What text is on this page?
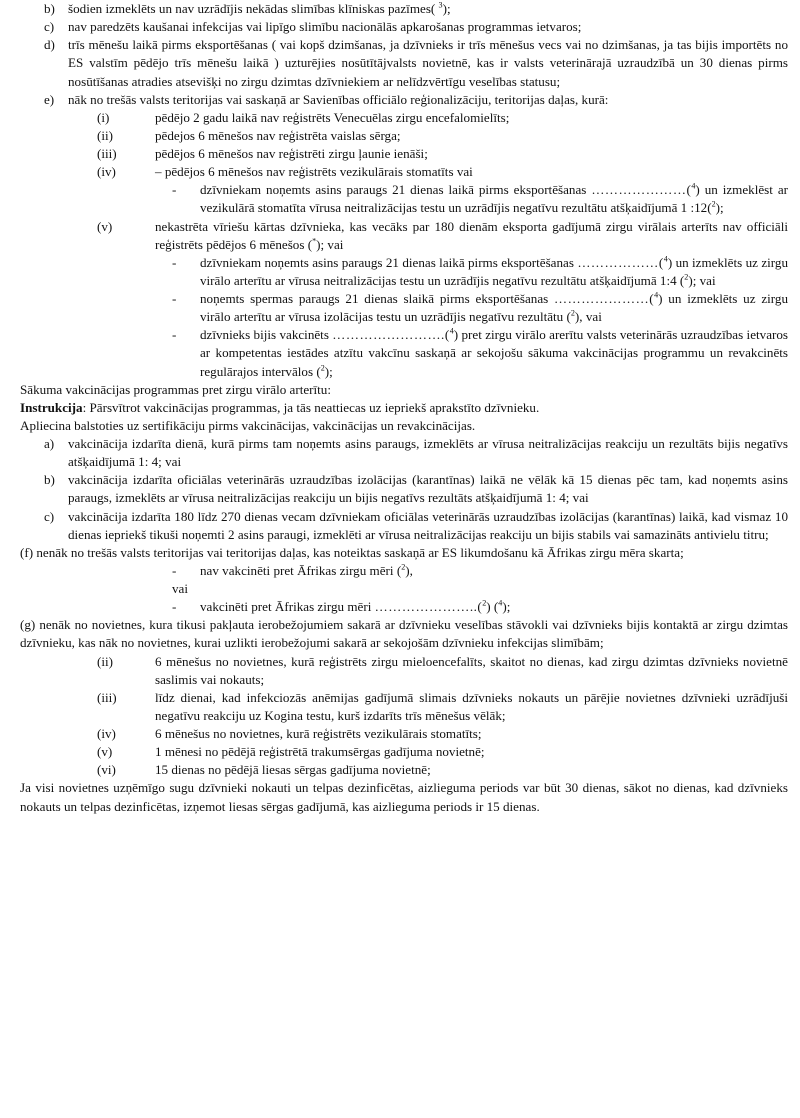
b) šodien izmeklēts un nav uzrādījis nekādas slimības klīniskas pazīmes( $^3$);
c)	nav paredzēts kaušanai infekcijas vai lipīgo slimību nacionālās apkarošanas programmas ietvaros;
d) trīs mēnešu laikā pirms eksportēšanas ( vai kopš dzimšanas, ja dzīvnieks ir trīs mēnešus vecs vai no dzimšanas, ja tas bijis importēts no ES valstīm pēdējo trīs mēnešu laikā ) uzturējies nosūtītājvalsts novietnē, kas ir valsts veterinārajā uzraudzībā un 30 dienas pirms nosūtīšanas atradies atsevišķi no zirgu dzimtas dzīvniekiem ar nelīdzvērtīgu veselības statusu;
e)	nāk no trešās valsts teritorijas vai saskaņā ar Savienības officiālo reģionalizāciju, teritorijas daļas, kurā:
(i)	pēdējo 2 gadu laikā nav reģistrēts Venecuēlas zirgu encefalomielīts;
(ii)	pēdejos 6 mēnešos nav reģistrēta vaislas sērga;
(iii)	pēdējos 6 mēnešos nav reģistrēti zirgu ļaunie ienāši;
(iv)	– pēdējos 6 mēnešos nav reģistrēts vezikulārais stomatīts vai
-	dzīvniekam noņemts asins paraugs 21 dienas laikā pirms eksportēšanas …………………($^4$) un izmeklēst ar vezikulārā stomatīta vīrusa neitralizācijas testu un uzrādījis negatīvu rezultātu atšķaidījumā 1 :12($^2$);
(v)	nekastrēta vīriešu kārtas dzīvnieka, kas vecāks par 180 dienām eksporta gadījumā zirgu virālais arterīts nav officiāli reģistrēts pēdējos 6 mēnešos (*); vai
-	dzīvniekam noņemts asins paraugs 21 dienas laikā pirms eksportēšanas ………………($^4$) un izmeklēts uz zirgu virālo arterītu ar vīrusa neitralizācijas testu un uzrādījis negatīvu rezultātu atšķaidījumā 1:4 ($^2$); vai
-	noņemts spermas paraugs 21 dienas slaikā pirms eksportēšanas …………………($^4$) un izmeklēts uz zirgu virālo arterītu ar vīrusa izolācijas testu un uzrādījis negatīvu rezultātu ($^2$), vai
-	dzīvnieks bijis vakcinēts …………………….($^4$) pret zirgu virālo arerītu valsts veterinārās uzraudzības ietvaros ar kompetentas iestādes atzītu vakcīnu saskaņā ar sekojošu sākuma vakcinācijas programmu un revakcinēts regulārajos intervālos ($^2$);
Sākuma vakcinācijas programmas pret zirgu virālo arterītu:
Instrukcija: Pārsvītrot vakcinācijas programmas, ja tās neattiecas uz iepriekš aprakstīto dzīvnieku.
Apliecina balstoties uz sertifikāciju pirms vakcinācijas, vakcinācijas un revakcinācijas.
a)	vakcinācija izdarīta dienā, kurā pirms tam noņemts asins paraugs, izmeklēts ar vīrusa neitralizācijas reakciju un rezultāts bijis negatīvs atšķaidījumā 1: 4; vai
b) vakcinācija izdarīta oficiālas veterinārās uzraudzības izolācijas (karantīnas) laikā ne vēlāk kā 15 dienas pēc tam, kad noņemts asins paraugs, izmeklēts ar vīrusa neitralizācijas reakciju un bijis negatīvs rezultāts atšķaidījumā 1: 4; vai
c)	vakcinācija izdarīta 180 līdz 270 dienas vecam dzīvniekam oficiālas veterinārās uzraudzības izolācijas (karantīnas) laikā, kad vismaz 10 dienas iepriekš tikuši noņemti 2 asins paraugi, izmeklēti ar vīrusa neitralizācijas reakciju un bijis stabils vai samazināts antivielu titru;
(f) nenāk no trešās valsts teritorijas vai teritorijas daļas, kas noteiktas saskaņā ar ES likumdošanu kā Āfrikas zirgu mēra skarta;
-	nav vakcinēti pret Āfrikas zirgu mēri ($^2$),
vai
-	vakcinēti pret Āfrikas zirgu mēri …………………..($^2$) ($^4$);
(g) nenāk no novietnes, kura tikusi pakļauta ierobežojumiem sakarā ar dzīvnieku veselības stāvokli vai dzīvnieks bijis kontaktā ar zirgu dzimtas dzīvnieku, kas nāk no novietnes, kurai uzlikti ierobežojumi sakarā ar sekojošām dzīvnieku infekcijas slimībām;
(ii)	6 mēnešus no novietnes, kurā reģistrēts zirgu mieloencefalīts, skaitot no dienas, kad zirgu dzimtas dzīvnieks novietnē saslimis vai nokauts;
(iii)	līdz dienai, kad infekciozās anēmijas gadījumā slimais dzīvnieks nokauts un pārējie novietnes dzīvnieki uzrādījuši negatīvu reakciju uz Kogina testu, kurš izdarīts trīs mēnešus vēlāk;
(iv)	6 mēnešus no novietnes, kurā reģistrēts vezikulārais stomatīts;
(v)	1 mēnesi no pēdējā reģistrētā trakumsērgas gadījuma novietnē;
(vi)	15 dienas no pēdējā liesas sērgas gadījuma novietnē;
Ja visi novietnes uzņēmīgo sugu dzīvnieki nokauti un telpas dezinficētas, aizlieguma periods var būt 30 dienas, sākot no dienas, kad dzīvnieks nokauts un telpas dezinficētas, izņemot liesas sērgas gadījumā, kas aizlieguma periods ir 15 dienas.
